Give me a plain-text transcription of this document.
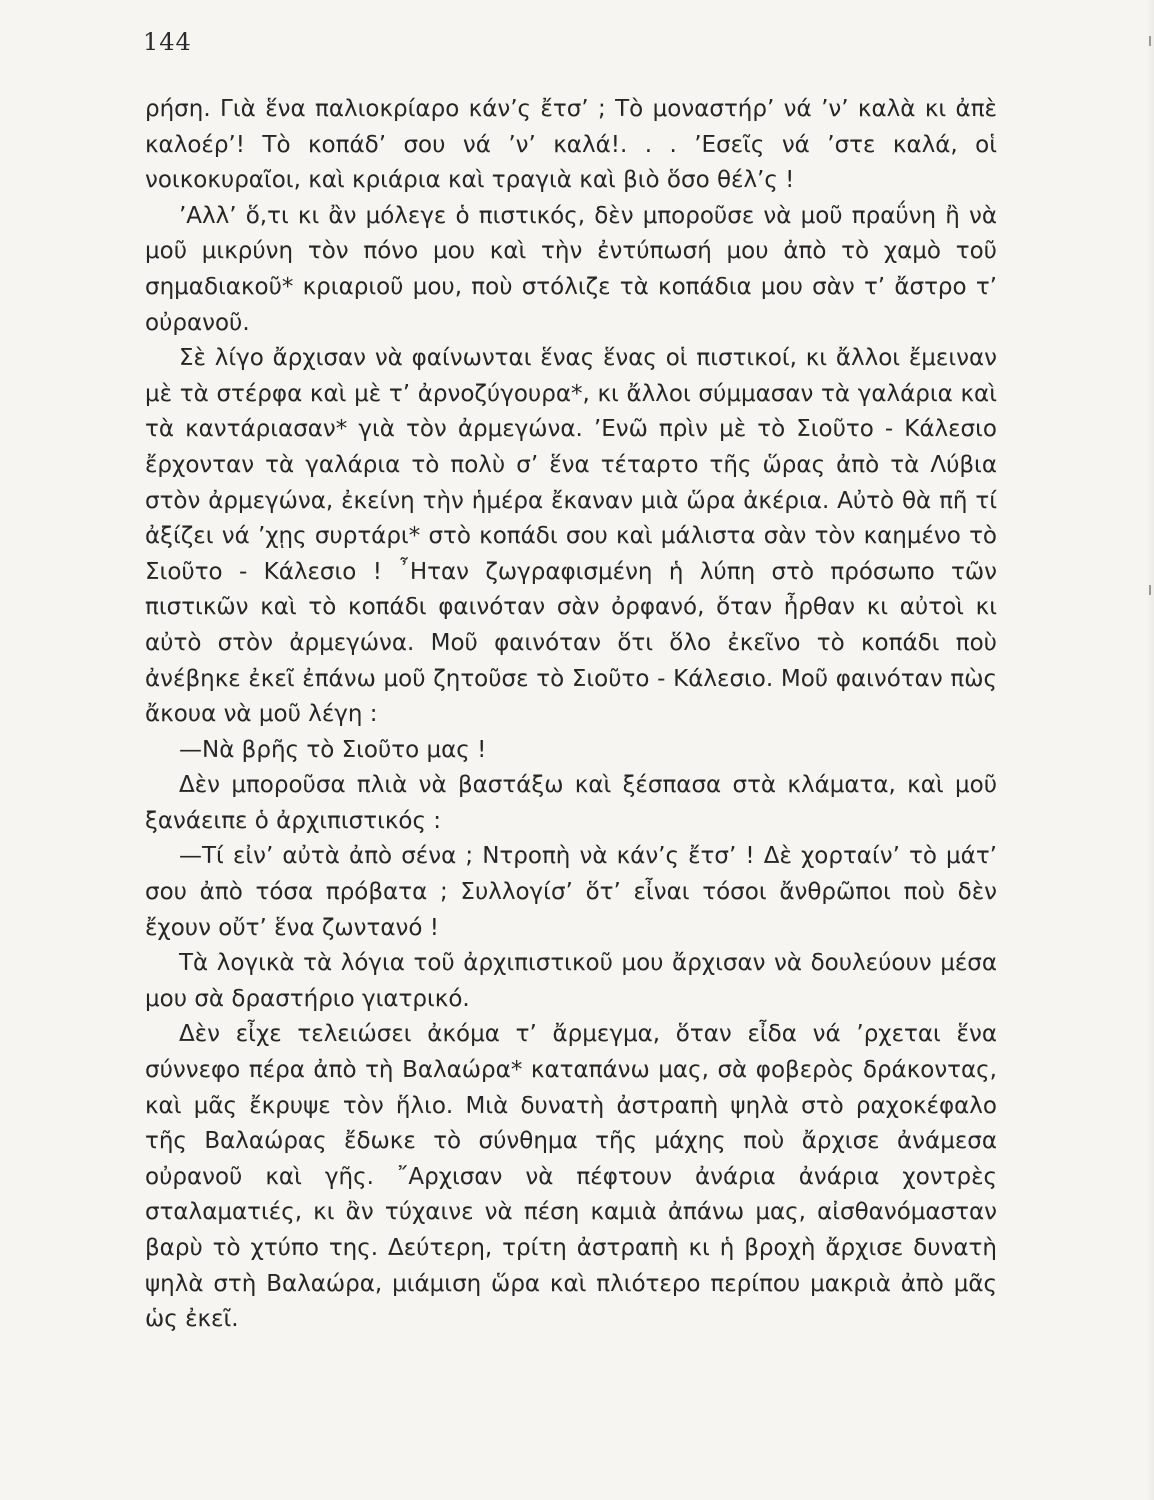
144

ρήση. Γιὰ ἕνα παλιοκρίαρο κάν’ς ἔτσ’ ; Τὸ μοναστήρ’ νά ’ν’ καλὰ κι ἀπὲ καλοέρ’! Τὸ κοπάδ’ σου νά ’ν’ καλά!. . . ’Εσεῖς νά ’στε καλά, οἱ νοικοκυραῖοι, καὶ κριάρια καὶ τραγιὰ καὶ βιὸ ὅσο θέλ’ς !

’Αλλ’ ὅ,τι κι ἂν μόλεγε ὁ πιστικός, δὲν μποροῦσε νὰ μοῦ πραΰνη ἢ νὰ μοῦ μικρύνη τὸν πόνο μου καὶ τὴν ἐντύπωσή μου ἀπὸ τὸ χαμὸ τοῦ σημαδιακοῦ* κριαριοῦ μου, ποὺ στόλιζε τὰ κοπάδια μου σὰν τ’ ἄστρο τ’ οὐρανοῦ.

Σὲ λίγο ἄρχισαν νὰ φαίνωνται ἕνας ἕνας οἱ πιστικοί, κι ἄλλοι ἔμειναν μὲ τὰ στέρφα καὶ μὲ τ’ ἀρνοζύγουρα*, κι ἄλλοι σύμμασαν τὰ γαλάρια καὶ τὰ καντάριασαν* γιὰ τὸν ἀρμεγώνα. ’Ενῶ πρὶν μὲ τὸ Σιοῦτο - Κάλεσιο ἔρχονταν τὰ γαλάρια τὸ πολὺ σ’ ἕνα τέταρτο τῆς ὥρας ἀπὸ τὰ Λύβια στὸν ἀρμεγώνα, ἐκείνη τὴν ἡμέρα ἔκαναν μιὰ ὥρα ἀκέρια. Αὐτὸ θὰ πῆ τί ἀξίζει νά ’χῃς συρτάρι* στὸ κοπάδι σου καὶ μάλιστα σὰν τὸν καημένο τὸ Σιοῦτο - Κάλεσιο ! ῏Ηταν ζωγραφισμένη ἡ λύπη στὸ πρόσωπο τῶν πιστικῶν καὶ τὸ κοπάδι φαινόταν σὰν ὀρφανό, ὅταν ἦρθαν κι αὐτοὶ κι αὐτὸ στὸν ἀρμεγώνα. Μοῦ φαινόταν ὅτι ὅλο ἐκεῖνο τὸ κοπάδι ποὺ ἀνέβηκε ἐκεῖ ἐπάνω μοῦ ζητοῦσε τὸ Σιοῦτο - Κάλεσιο. Μοῦ φαινόταν πὼς ἄκουα νὰ μοῦ λέγη :

—Νὰ βρῆς τὸ Σιοῦτο μας !

Δὲν μποροῦσα πλιὰ νὰ βαστάξω καὶ ξέσπασα στὰ κλάματα, καὶ μοῦ ξανάειπε ὁ ἀρχιπιστικός :

—Τί εἰν’ αὐτὰ ἀπὸ σένα ; Ντροπὴ νὰ κάν’ς ἔτσ’ ! Δὲ χορταίν’ τὸ μάτ’ σου ἀπὸ τόσα πρόβατα ; Συλλογίσ’ ὅτ’ εἶναι τόσοι ἄνθρῶποι ποὺ δὲν ἔχουν οὔτ’ ἕνα ζωντανό !

Τὰ λογικὰ τὰ λόγια τοῦ ἀρχιπιστικοῦ μου ἄρχισαν νὰ δουλεύουν μέσα μου σὰ δραστήριο γιατρικό.

Δὲν εἶχε τελειώσει ἀκόμα τ’ ἄρμεγμα, ὅταν εἶδα νά ’ρχεται ἕνα σύννεφο πέρα ἀπὸ τὴ Βαλαώρα* καταπάνω μας, σὰ φοβερὸς δράκοντας, καὶ μᾶς ἔκρυψε τὸν ἥλιο. Μιὰ δυνατὴ ἀστραπὴ ψηλὰ στὸ ραχοκέφαλο τῆς Βαλαώρας ἔδωκε τὸ σύνθημα τῆς μάχης ποὺ ἄρχισε ἀνάμεσα οὐρανοῦ καὶ γῆς. ῎Αρχισαν νὰ πέφτουν ἀνάρια ἀνάρια χοντρὲς σταλαματιές, κι ἂν τύχαινε νὰ πέση καμιὰ ἀπάνω μας, αἰσθανόμασταν βαρὺ τὸ χτύπο της. Δεύτερη, τρίτη ἀστραπὴ κι ἡ βροχὴ ἄρχισε δυνατὴ ψηλὰ στὴ Βαλαώρα, μιάμιση ὥρα καὶ πλιότερο περίπου μακριὰ ἀπὸ μᾶς ὡς ἐκεῖ.
